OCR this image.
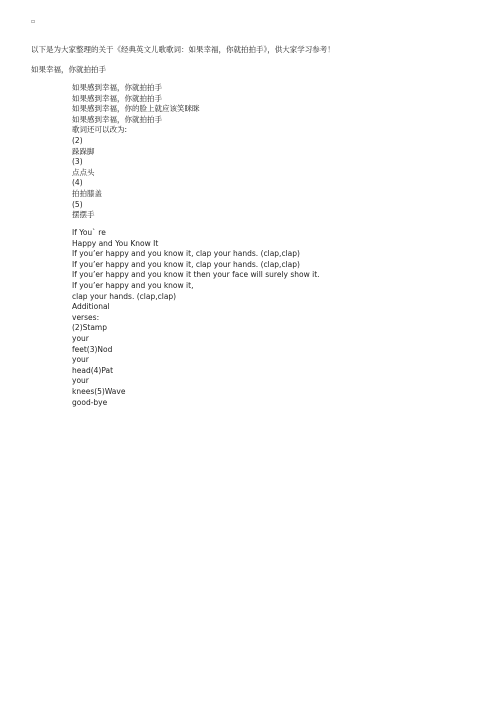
▫
以下是为大家整理的关于《经典英文儿歌歌词：如果幸福，你就拍拍手》，供大家学习参考！
如果幸福，你就拍拍手
如果感到幸福，你就拍拍手
如果感到幸福，你就拍拍手
如果感到幸福，你的脸上就应该笑眯眯
如果感到幸福，你就拍拍手
歌词还可以改为:
(2)
跺跺脚
(3)
点点头
(4)
拍拍膝盖
(5)
摆摆手
If You` re
Happy and You Know It
If you’er happy and you know it, clap your hands. (clap,clap)
If you’er happy and you know it, clap your hands. (clap,clap)
If you’er happy and you know it then your face will surely show it.
If you’er happy and you know it,
clap your hands. (clap,clap)
Additional
verses:
(2)Stamp
your
feet(3)Nod
your
head(4)Pat
your
knees(5)Wave
good-bye
